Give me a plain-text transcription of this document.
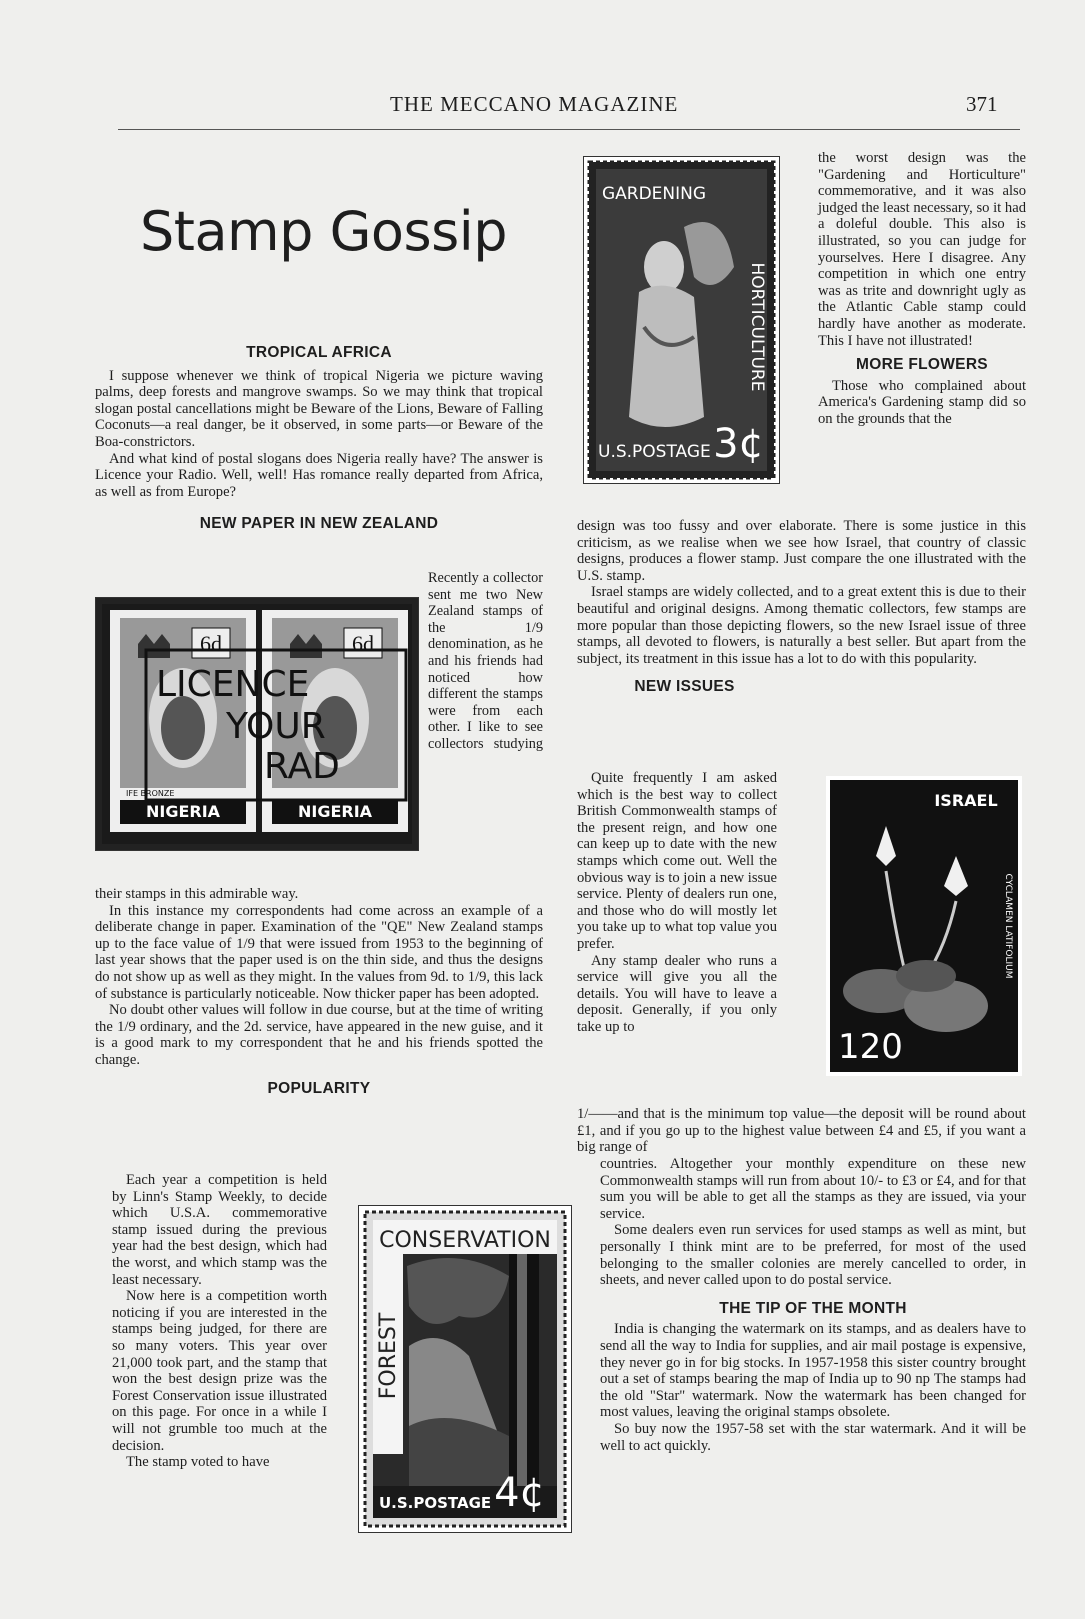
THE MECCANO MAGAZINE	371
Stamp Gossip
TROPICAL AFRICA

I suppose whenever we think of tropical Nigeria we picture waving palms, deep forests and mangrove swamps. So we may think that tropical slogan postal cancellations might be Beware of the Lions, Beware of Falling Coconuts—a real danger, be it observed, in some parts—or Beware of the Boa-constrictors.

And what kind of postal slogans does Nigeria really have? The answer is Licence your Radio. Well, well! Has romance really departed from Africa, as well as from Europe?

NEW PAPER IN NEW ZEALAND
NIGERIA
IFE BRONZE
6d
NIGERIA
6d
LICENCE
YOUR
RAD

Recently a collector sent me two New Zealand stamps of the 1/9 denomination, as he and his friends had noticed how different the stamps were from each other. I like to see collectors studying

their stamps in this admirable way.

In this instance my correspondents had come across an example of a deliberate change in paper. Examination of the "QE" New Zealand stamps up to the face value of 1/9 that were issued from 1953 to the beginning of last year shows that the paper used is on the thin side, and thus the designs do not show up as well as they might. In the values from 9d. to 1/9, this lack of substance is particularly noticeable. Now thicker paper has been adopted.

No doubt other values will follow in due course, but at the time of writing the 1/9 ordinary, and the 2d. service, have appeared in the new guise, and it is a good mark to my correspondent that he and his friends spotted the change.

POPULARITY

Each year a competition is held by Linn's Stamp Weekly, to decide which U.S.A. commemorative stamp issued during the previous year had the best design, which had the worst, and which stamp was the least necessary.

Now here is a competition worth noticing if you are interested in the stamps being judged, for there are so many voters. This year over 21,000 took part, and the stamp that won the best design prize was the Forest Conservation issue illustrated on this page. For once in a while I will not grumble too much at the decision.

The stamp voted to have

CONSERVATION
FOREST
U.S.POSTAGE 4¢
GARDENING
HORTICULTURE
U.S.POSTAGE 3¢

the worst design was the "Gardening and Horticulture" commemorative, and it was also judged the least necessary, so it had a doleful double. This also is illustrated, so you can judge for yourselves. Here I disagree. Any competition in which one entry was as trite and downright ugly as the Atlantic Cable stamp could hardly have another as moderate. This I have not illustrated!

MORE FLOWERS

Those who complained about America's Gardening stamp did so on the grounds that the

design was too fussy and over elaborate. There is some justice in this criticism, as we realise when we see how Israel, that country of classic designs, produces a flower stamp. Just compare the one illustrated with the U.S. stamp.

Israel stamps are widely collected, and to a great extent this is due to their beautiful and original designs. Among thematic collectors, few stamps are more popular than those depicting flowers, so the new Israel issue of three stamps, all devoted to flowers, is naturally a best seller. But apart from the subject, its treatment in this issue has a lot to do with this popularity.

NEW ISSUES

Quite frequently I am asked which is the best way to collect British Commonwealth stamps of the present reign, and how one can keep up to date with the new stamps which come out. Well the obvious way is to join a new issue service. Plenty of dealers run one, and those who do will mostly let you take up to what top value you prefer.

Any stamp dealer who runs a service will give you all the details. You will have to leave a deposit. Generally, if you only take up to

ISRAEL
CYCLAMEN LATIFOLIUM
120

1/——and that is the minimum top value—the deposit will be round about £1, and if you go up to the highest value between £4 and £5, if you want a big range of

countries. Altogether your monthly expenditure on these new Commonwealth stamps will run from about 10/- to £3 or £4, and for that sum you will be able to get all the stamps as they are issued, via your service.

Some dealers even run services for used stamps as well as mint, but personally I think mint are to be preferred, for most of the used belonging to the smaller colonies are merely cancelled to order, in sheets, and never called upon to do postal service.

THE TIP OF THE MONTH

India is changing the watermark on its stamps, and as dealers have to send all the way to India for supplies, and air mail postage is expensive, they never go in for big stocks. In 1957-1958 this sister country brought out a set of stamps bearing the map of India up to 90 np The stamps had the old "Star" watermark. Now the watermark has been changed for most values, leaving the original stamps obsolete.

So buy now the 1957-58 set with the star watermark. And it will be well to act quickly.
